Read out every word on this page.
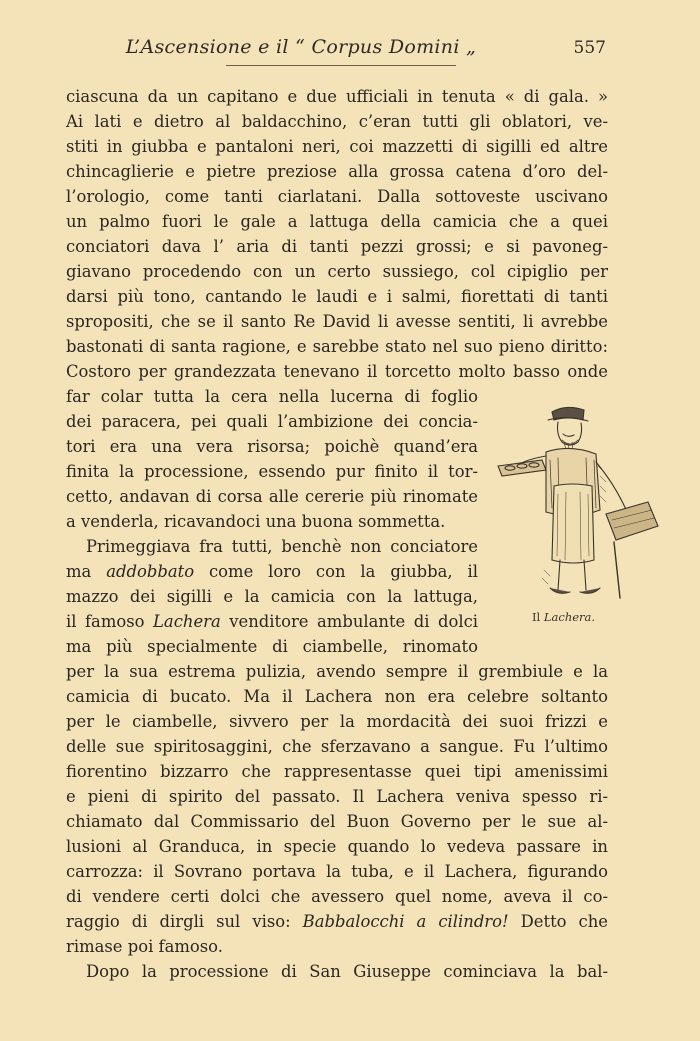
L’Ascensione e il “ Corpus Domini „	557
ciascuna da un capitano e due ufficiali in tenuta « di gala. »
Ai lati e dietro al baldacchino, c’eran tutti gli oblatori, ve-
stiti in giubba e pantaloni neri, coi mazzetti di sigilli ed altre
chincaglierie e pietre preziose alla grossa catena d’oro del-
l’orologio, come tanti ciarlatani. Dalla sottoveste uscivano
un palmo fuori le gale a lattuga della camicia che a quei
conciatori dava l’ aria di tanti pezzi grossi; e si pavoneg-
giavano procedendo con un certo sussiego, col cipiglio per
darsi più tono, cantando le laudi e i salmi, fiorettati di tanti
spropositi, che se il santo Re David li avesse sentiti, li avrebbe
bastonati di santa ragione, e sarebbe stato nel suo pieno diritto:
Costoro per grandezzata tenevano il torcetto molto basso onde
far colar tutta la cera nella lucerna di foglio
dei paracera, pei quali l’ambizione dei concia-
tori era una vera risorsa; poichè quand’era
finita la processione, essendo pur finito il tor-
cetto, andavan di corsa alle cererie più rinomate
a venderla, ricavandoci una buona sommetta.
Primeggiava fra tutti, benchè non conciatore
ma addobbato come loro con la giubba, il
mazzo dei sigilli e la camicia con la lattuga,
il famoso Lachera venditore ambulante di dolci
ma più specialmente di ciambelle, rinomato
per la sua estrema pulizia, avendo sempre il grembiule e la
camicia di bucato. Ma il Lachera non era celebre soltanto
per le ciambelle, sivvero per la mordacità dei suoi frizzi e
delle sue spiritosaggini, che sferzavano a sangue. Fu l’ultimo
fiorentino bizzarro che rappresentasse quei tipi amenissimi
e pieni di spirito del passato. Il Lachera veniva spesso ri-
chiamato dal Commissario del Buon Governo per le sue al-
lusioni al Granduca, in specie quando lo vedeva passare in
carrozza: il Sovrano portava la tuba, e il Lachera, figurando
di vendere certi dolci che avessero quel nome, aveva il co-
raggio di dirgli sul viso: Babbalocchi a cilindro! Detto che
rimase poi famoso.
Dopo la processione di San Giuseppe cominciava la bal-
Il Lachera.
